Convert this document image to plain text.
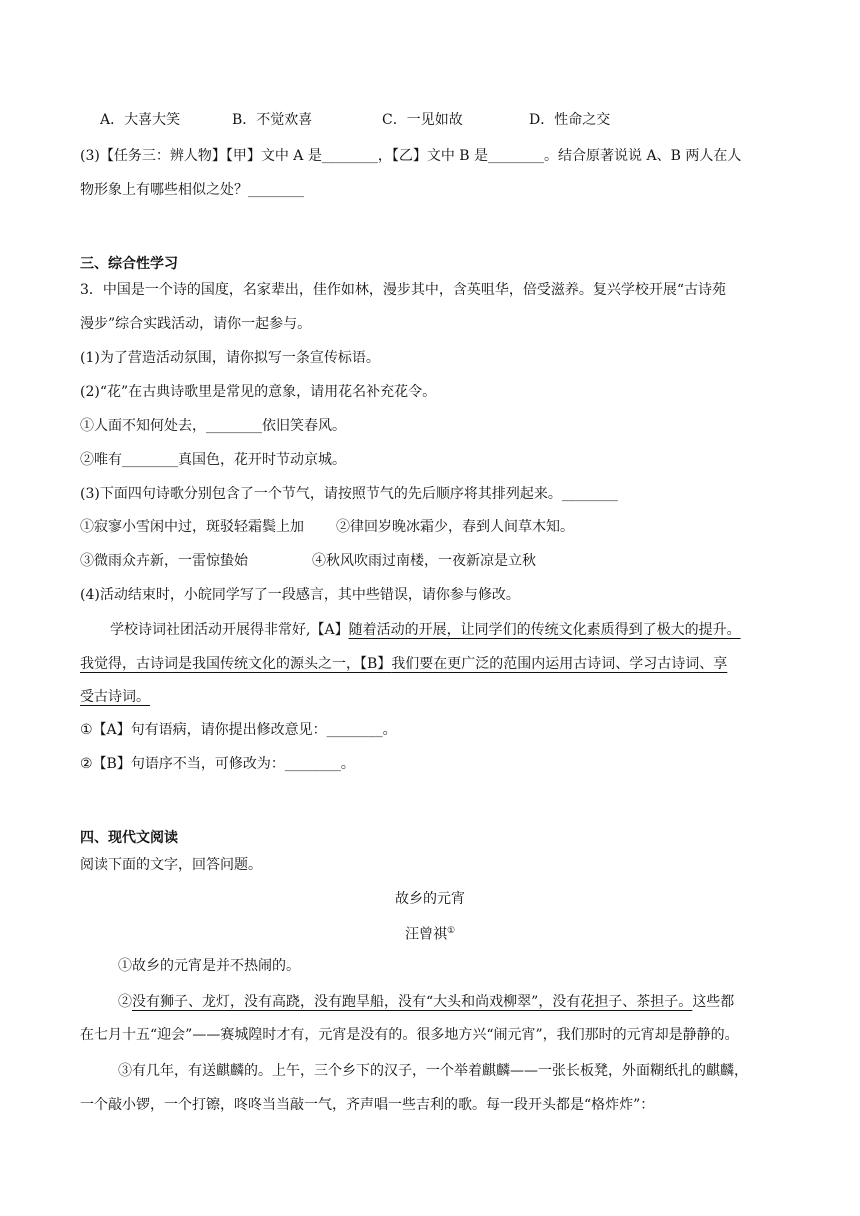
A．大喜大笑	B．不觉欢喜	C．一见如故	D．性命之交
(3)【任务三：辨人物】【甲】文中 A 是________，【乙】文中 B 是________。结合原著说说 A、B 两人在人
物形象上有哪些相似之处？________
三、综合性学习
3．中国是一个诗的国度，名家辈出，佳作如林，漫步其中，含英咀华，倍受滋养。复兴学校开展“古诗苑
漫步”综合实践活动，请你一起参与。
(1)为了营造活动氛围，请你拟写一条宣传标语。
(2)“花”在古典诗歌里是常见的意象，请用花名补充花令。
①人面不知何处去，________依旧笑春风。
②唯有________真国色，花开时节动京城。
(3)下面四句诗歌分别包含了一个节气，请按照节气的先后顺序将其排列起来。________
①寂寥小雪闲中过，斑驳轻霜鬓上加 ②律回岁晚冰霜少，春到人间草木知。
③微雨众卉新，一雷惊蛰始	④秋风吹雨过南楼，一夜新凉是立秋
(4)活动结束时，小皖同学写了一段感言，其中些错误，请你参与修改。
学校诗词社团活动开展得非常好,【A】随着活动的开展，让同学们的传统文化素质得到了极大的提升。
我觉得，古诗词是我国传统文化的源头之一，【B】我们要在更广泛的范围内运用古诗词、学习古诗词、享
受古诗词。
①【A】句有语病，请你提出修改意见：________。
②【B】句语序不当，可修改为：________。
四、现代文阅读
阅读下面的文字，回答问题。
故乡的元宵
汪曾祺①
①故乡的元宵是并不热闹的。
②没有狮子、龙灯，没有高跷，没有跑旱船，没有“大头和尚戏柳翠”，没有花担子、茶担子。这些都
在七月十五“迎会”——赛城隍时才有，元宵是没有的。很多地方兴“闹元宵”，我们那时的元宵却是静静的。
③有几年，有送麒麟的。上午，三个乡下的汉子，一个举着麒麟——一张长板凳，外面糊纸扎的麒麟，
一个敲小锣，一个打镲，咚咚当当敲一气，齐声唱一些吉利的歌。每一段开头都是“格炸炸”：
